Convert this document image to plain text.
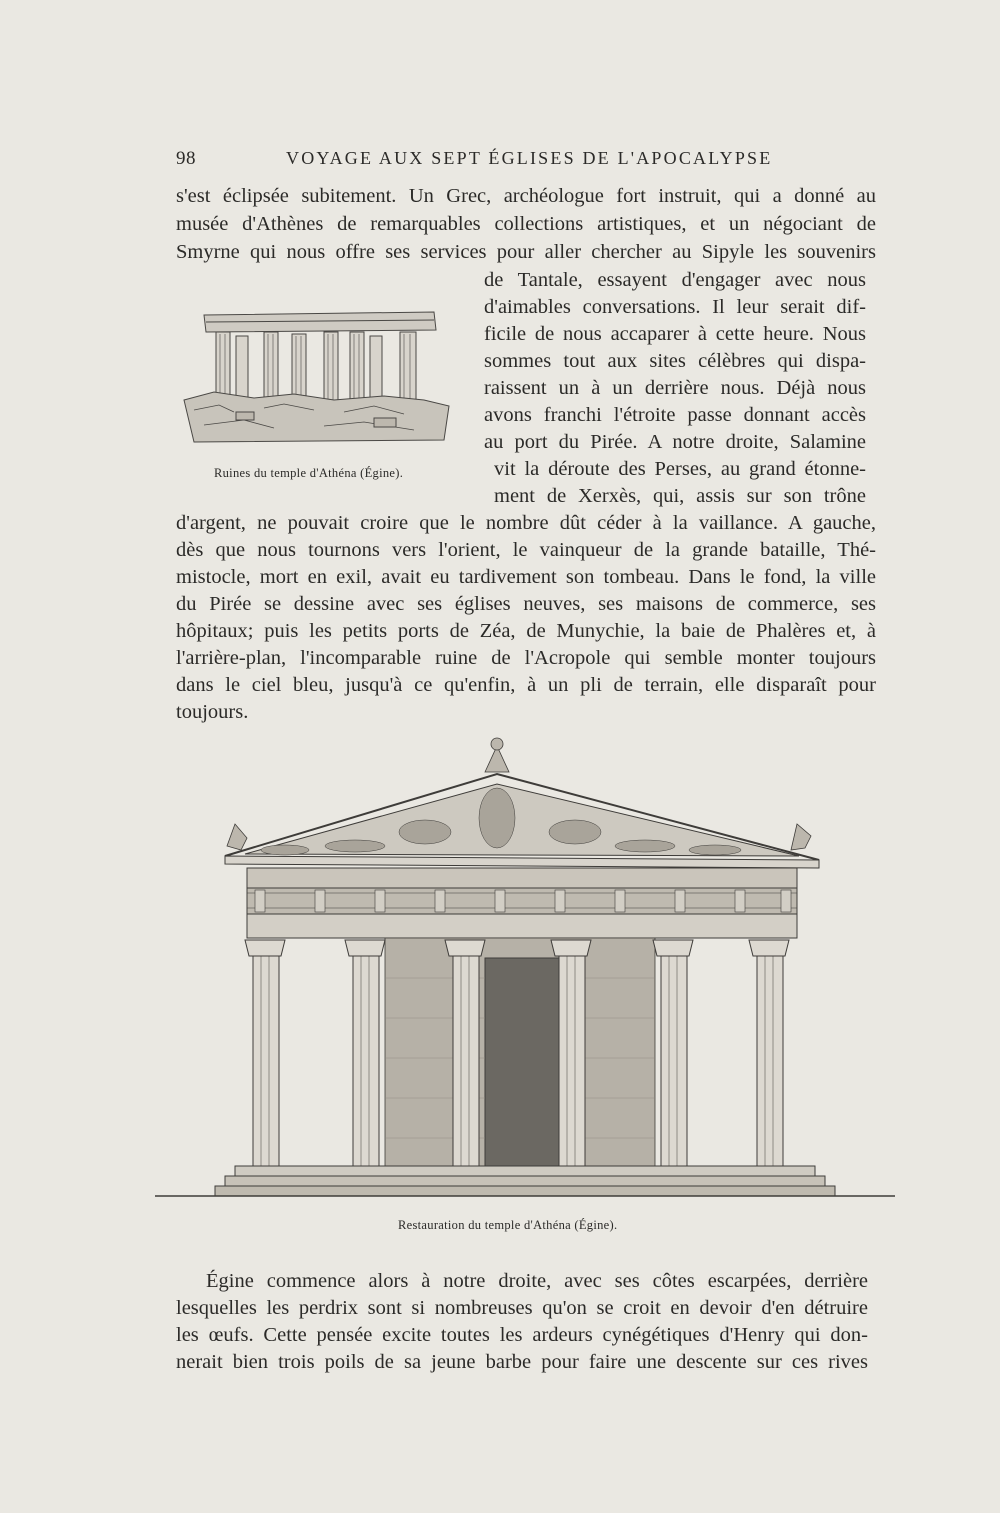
98	VOYAGE AUX SEPT ÉGLISES DE L'APOCALYPSE
s'est éclipsée subitement. Un Grec, archéologue fort instruit, qui a donné au
musée d'Athènes de remarquables collections artistiques, et un négociant de
Smyrne qui nous offre ses services pour aller chercher au Sipyle les souvenirs
de Tantale, essayent d'engager avec nous
d'aimables conversations. Il leur serait dif-
ficile de nous accaparer à cette heure. Nous
sommes tout aux sites célèbres qui dispa-
raissent un à un derrière nous. Déjà nous
avons franchi l'étroite passe donnant accès
au port du Pirée. A notre droite, Salamine
vit la déroute des Perses, au grand étonne-
ment de Xerxès, qui, assis sur son trône
d'argent, ne pouvait croire que le nombre dût céder à la vaillance. A gauche,
dès que nous tournons vers l'orient, le vainqueur de la grande bataille, Thé-
mistocle, mort en exil, avait eu tardivement son tombeau. Dans le fond, la ville
du Pirée se dessine avec ses églises neuves, ses maisons de commerce, ses
hôpitaux; puis les petits ports de Zéa, de Munychie, la baie de Phalères et, à
l'arrière-plan, l'incomparable ruine de l'Acropole qui semble monter toujours
dans le ciel bleu, jusqu'à ce qu'enfin, à un pli de terrain, elle disparaît pour
toujours.
Ruines du temple d'Athéna (Égine).
Restauration du temple d'Athéna (Égine).
Égine commence alors à notre droite, avec ses côtes escarpées, derrière
lesquelles les perdrix sont si nombreuses qu'on se croit en devoir d'en détruire
les œufs. Cette pensée excite toutes les ardeurs cynégétiques d'Henry qui don-
nerait bien trois poils de sa jeune barbe pour faire une descente sur ces rives
